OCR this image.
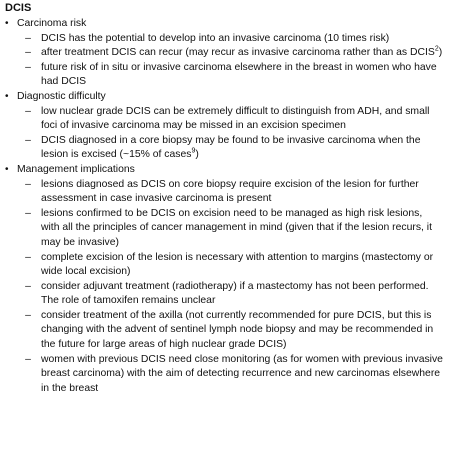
DCIS
• Carcinoma risk
– DCIS has the potential to develop into an invasive carcinoma (10 times risk)
– after treatment DCIS can recur (may recur as invasive carcinoma rather than as DCIS$^2$)
– future risk of in situ or invasive carcinoma elsewhere in the breast in women who have had DCIS
• Diagnostic difficulty
– low nuclear grade DCIS can be extremely difficult to distinguish from ADH, and small foci of invasive carcinoma may be missed in an excision specimen
– DCIS diagnosed in a core biopsy may be found to be invasive carcinoma when the lesion is excised (~15% of cases$^9$)
• Management implications
– lesions diagnosed as DCIS on core biopsy require excision of the lesion for further assessment in case invasive carcinoma is present
– lesions confirmed to be DCIS on excision need to be managed as high risk lesions, with all the principles of cancer management in mind (given that if the lesion recurs, it may be invasive)
– complete excision of the lesion is necessary with attention to margins (mastectomy or wide local excision)
– consider adjuvant treatment (radiotherapy) if a mastectomy has not been performed. The role of tamoxifen remains unclear
– consider treatment of the axilla (not currently recommended for pure DCIS, but this is changing with the advent of sentinel lymph node biopsy and may be recommended in the future for large areas of high nuclear grade DCIS)
– women with previous DCIS need close monitoring (as for women with previous invasive breast carcinoma) with the aim of detecting recurrence and new carcinomas elsewhere in the breast
